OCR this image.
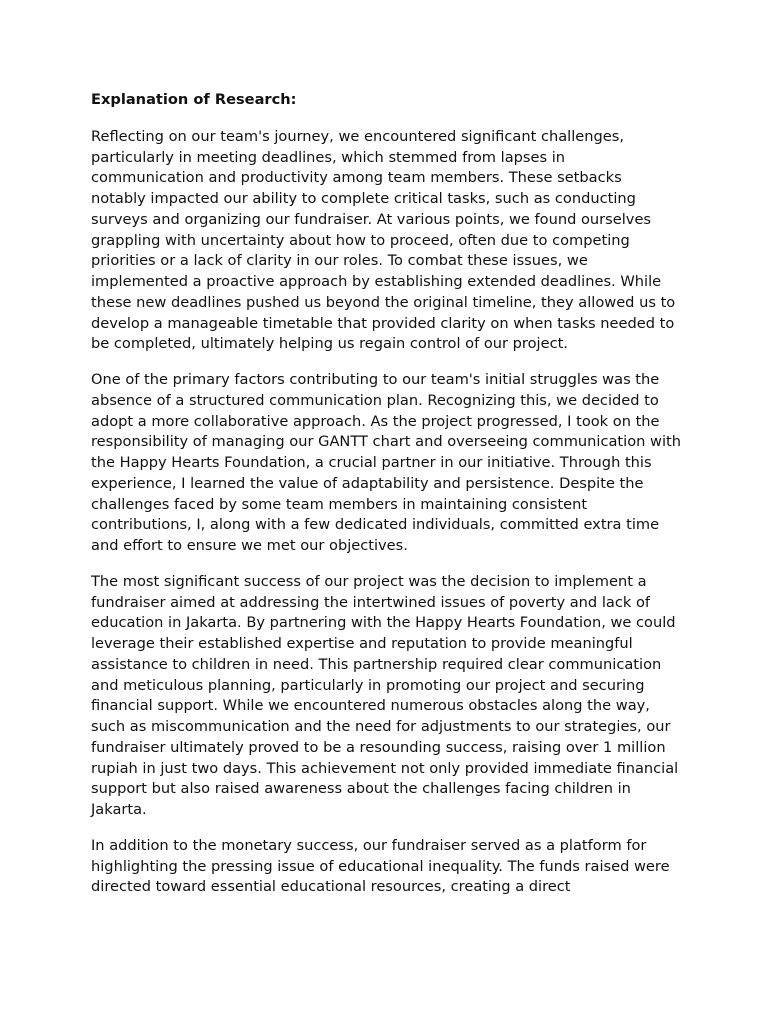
Explanation of Research:

Reflecting on our team's journey, we encountered significant challenges, particularly in meeting deadlines, which stemmed from lapses in communication and productivity among team members. These setbacks notably impacted our ability to complete critical tasks, such as conducting surveys and organizing our fundraiser. At various points, we found ourselves grappling with uncertainty about how to proceed, often due to competing priorities or a lack of clarity in our roles. To combat these issues, we implemented a proactive approach by establishing extended deadlines. While these new deadlines pushed us beyond the original timeline, they allowed us to develop a manageable timetable that provided clarity on when tasks needed to be completed, ultimately helping us regain control of our project.

One of the primary factors contributing to our team's initial struggles was the absence of a structured communication plan. Recognizing this, we decided to adopt a more collaborative approach. As the project progressed, I took on the responsibility of managing our GANTT chart and overseeing communication with the Happy Hearts Foundation, a crucial partner in our initiative. Through this experience, I learned the value of adaptability and persistence. Despite the challenges faced by some team members in maintaining consistent contributions, I, along with a few dedicated individuals, committed extra time and effort to ensure we met our objectives.

The most significant success of our project was the decision to implement a fundraiser aimed at addressing the intertwined issues of poverty and lack of education in Jakarta. By partnering with the Happy Hearts Foundation, we could leverage their established expertise and reputation to provide meaningful assistance to children in need. This partnership required clear communication and meticulous planning, particularly in promoting our project and securing financial support. While we encountered numerous obstacles along the way, such as miscommunication and the need for adjustments to our strategies, our fundraiser ultimately proved to be a resounding success, raising over 1 million rupiah in just two days. This achievement not only provided immediate financial support but also raised awareness about the challenges facing children in Jakarta.

In addition to the monetary success, our fundraiser served as a platform for highlighting the pressing issue of educational inequality. The funds raised were directed toward essential educational resources, creating a direct
